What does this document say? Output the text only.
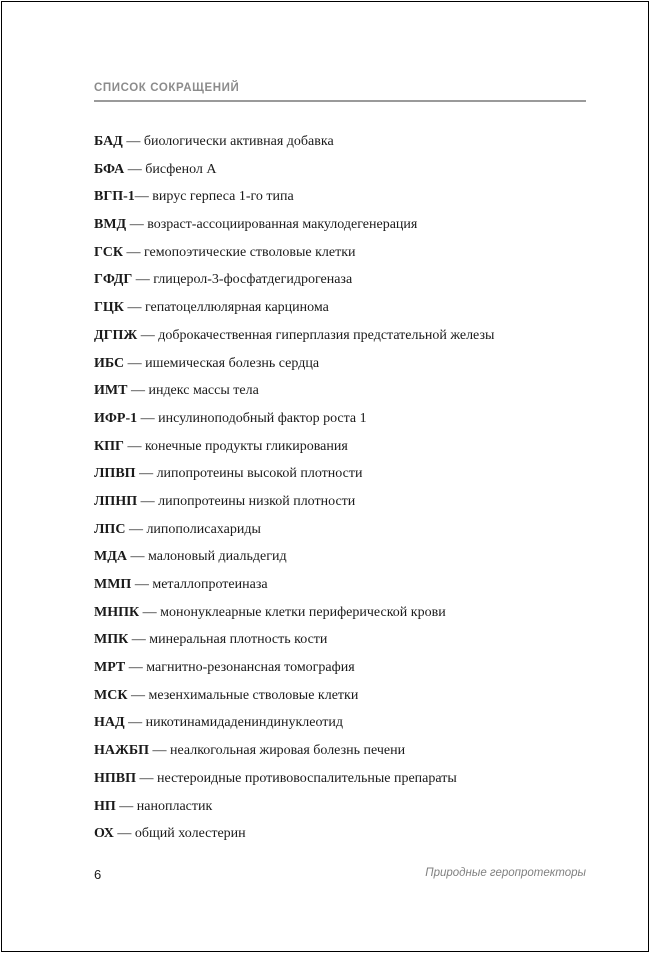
СПИСОК СОКРАЩЕНИЙ
БАД — биологически активная добавка
БФА — бисфенол А
ВГП-1— вирус герпеса 1-го типа
ВМД — возраст-ассоциированная макулодегенерация
ГСК — гемопоэтические стволовые клетки
ГФДГ — глицерол-3-фосфатдегидрогеназа
ГЦК — гепатоцеллюлярная карцинома
ДГПЖ — доброкачественная гиперплазия предстательной железы
ИБС — ишемическая болезнь сердца
ИМТ — индекс массы тела
ИФР-1 — инсулиноподобный фактор роста 1
КПГ — конечные продукты гликирования
ЛПВП — липопротеины высокой плотности
ЛПНП — липопротеины низкой плотности
ЛПС — липополисахариды
МДА — малоновый диальдегид
ММП — металлопротеиназа
МНПК — мононуклеарные клетки периферической крови
МПК — минеральная плотность кости
МРТ — магнитно-резонансная томография
МСК — мезенхимальные стволовые клетки
НАД — никотинамидадениндинуклеотид
НАЖБП — неалкогольная жировая болезнь печени
НПВП — нестероидные противовоспалительные препараты
НП — нанопластик
ОХ — общий холестерин
6	Природные геропротекторы
